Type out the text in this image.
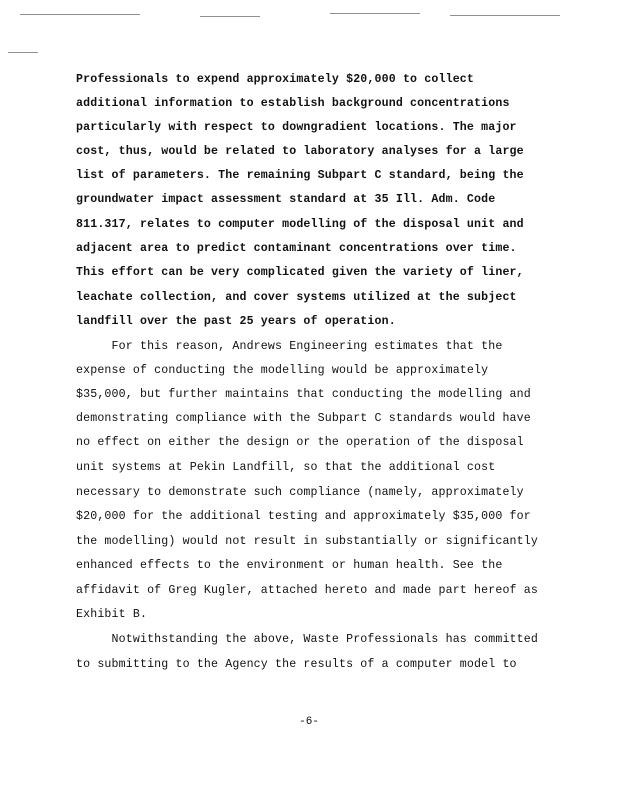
Professionals to expend approximately $20,000 to collect
additional information to establish background concentrations
particularly with respect to downgradient locations. The major
cost, thus, would be related to laboratory analyses for a large
list of parameters. The remaining Subpart C standard, being the
groundwater impact assessment standard at 35 Ill. Adm. Code
811.317, relates to computer modelling of the disposal unit and
adjacent area to predict contaminant concentrations over time.
This effort can be very complicated given the variety of liner,
leachate collection, and cover systems utilized at the subject
landfill over the past 25 years of operation.
For this reason, Andrews Engineering estimates that the
expense of conducting the modelling would be approximately
$35,000, but further maintains that conducting the modelling and
demonstrating compliance with the Subpart C standards would have
no effect on either the design or the operation of the disposal
unit systems at Pekin Landfill, so that the additional cost
necessary to demonstrate such compliance (namely, approximately
$20,000 for the additional testing and approximately $35,000 for
the modelling) would not result in substantially or significantly
enhanced effects to the environment or human health. See the
affidavit of Greg Kugler, attached hereto and made part hereof as
Exhibit B.
Notwithstanding the above, Waste Professionals has committed
to submitting to the Agency the results of a computer model to
-6-
